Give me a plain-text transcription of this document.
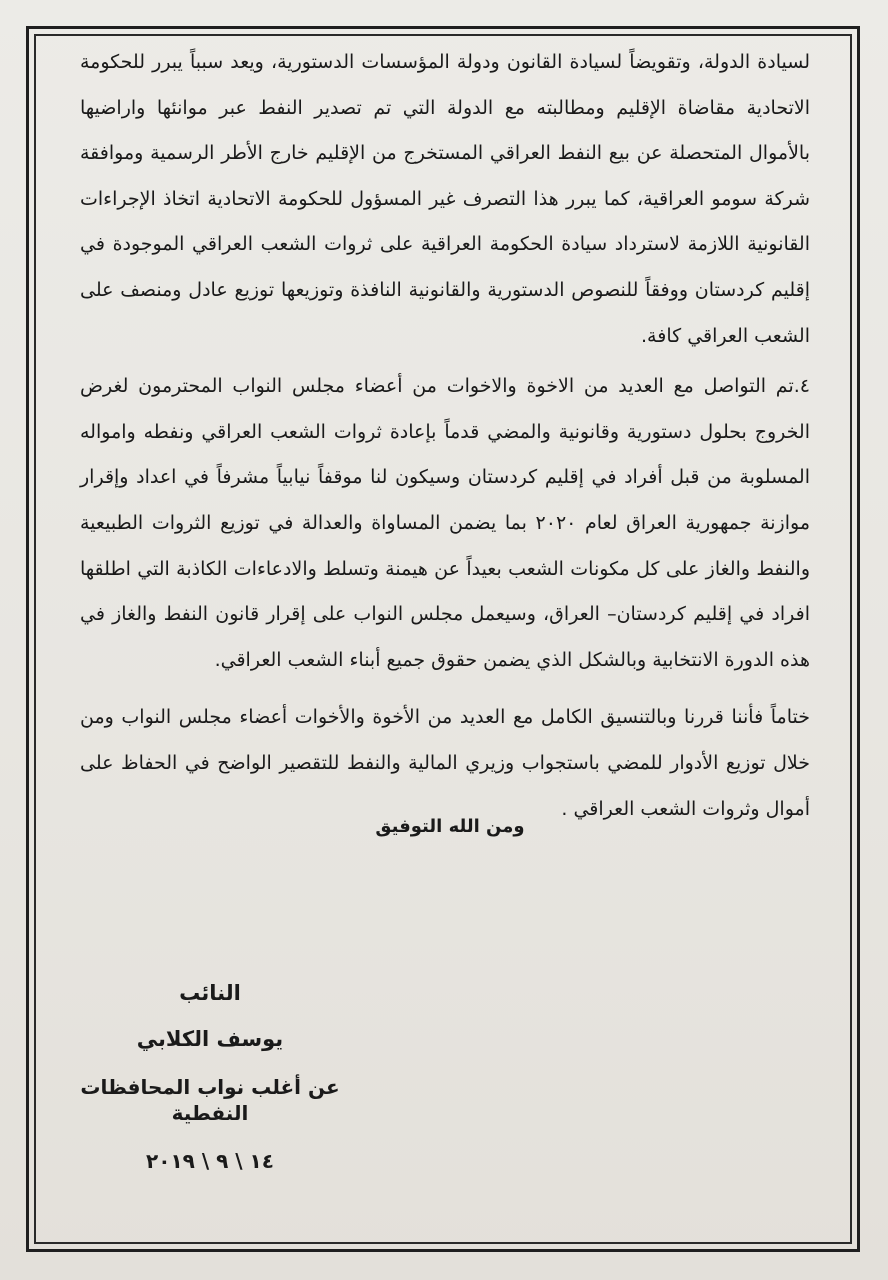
لسيادة الدولة، وتقويضاً لسيادة القانون ودولة المؤسسات الدستورية، ويعد سبباً يبرر للحكومة الاتحادية مقاضاة الإقليم ومطالبته مع الدولة التي تم تصدير النفط عبر موانئها واراضيها بالأموال المتحصلة عن بيع النفط العراقي المستخرج من الإقليم خارج الأطر الرسمية وموافقة شركة سومو العراقية، كما يبرر هذا التصرف غير المسؤول للحكومة الاتحادية اتخاذ الإجراءات القانونية اللازمة لاسترداد سيادة الحكومة العراقية على ثروات الشعب العراقي الموجودة في إقليم كردستان ووفقاً للنصوص الدستورية والقانونية النافذة وتوزيعها توزيع عادل ومنصف على الشعب العراقي كافة.

٤.تم التواصل مع العديد من الاخوة والاخوات من أعضاء مجلس النواب المحترمون لغرض الخروج بحلول دستورية وقانونية والمضي قدماً بإعادة ثروات الشعب العراقي ونفطه وامواله المسلوبة من قبل أفراد في إقليم كردستان وسيكون لنا موقفاً نيابياً مشرفاً في اعداد وإقرار موازنة جمهورية العراق لعام ٢٠٢٠ بما يضمن المساواة والعدالة في توزيع الثروات الطبيعية والنفط والغاز على كل مكونات الشعب بعيداً عن هيمنة وتسلط والادعاءات الكاذبة التي اطلقها افراد في إقليم كردستان– العراق، وسيعمل مجلس النواب على إقرار قانون النفط والغاز في هذه الدورة الانتخابية وبالشكل الذي يضمن حقوق جميع أبناء الشعب العراقي.

ختاماً فأننا قررنا وبالتنسيق الكامل مع العديد من الأخوة والأخوات أعضاء مجلس النواب ومن خلال توزيع الأدوار للمضي باستجواب وزيري المالية والنفط للتقصير الواضح في الحفاظ على أموال وثروات الشعب العراقي .

ومن الله التوفيق
النائب
يوسف الكلابي
عن أغلب نواب المحافظات النفطية
١٤ \ ٩ \ ٢٠١٩
